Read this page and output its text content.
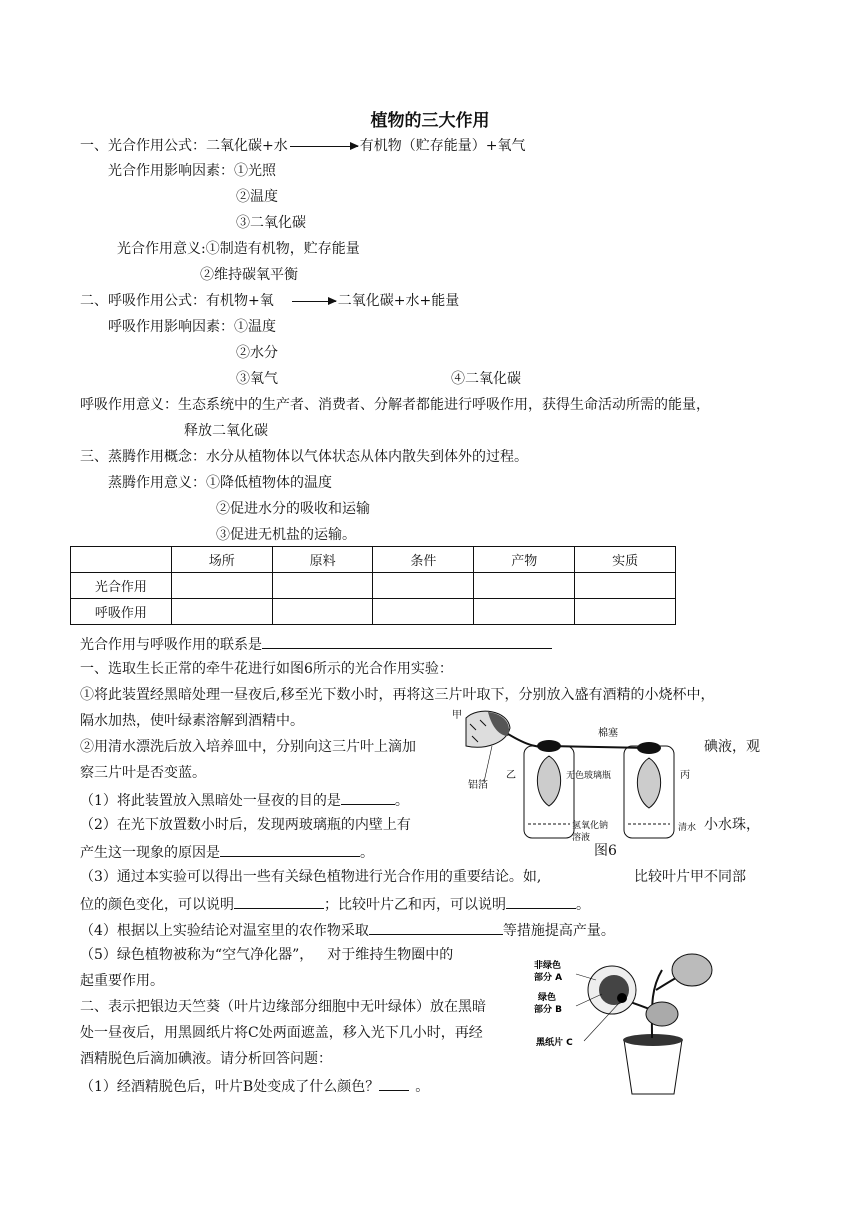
植物的三大作用
一、光合作用公式：二氧化碳+水	有机物（贮存能量）+氧气
光合作用影响因素：①光照
②温度
③二氧化碳
光合作用意义:①制造有机物，贮存能量
②维持碳氧平衡
二、呼吸作用公式：有机物+氧	二氧化碳+水+能量
呼吸作用影响因素：①温度
②水分
③氧气	④二氧化碳
呼吸作用意义：生态系统中的生产者、消费者、分解者都能进行呼吸作用，获得生命活动所需的能量，
释放二氧化碳
三、蒸腾作用概念：水分从植物体以气体状态从体内散失到体外的过程。
蒸腾作用意义：①降低植物体的温度
②促进水分的吸收和运输
③促进无机盐的运输。
	场所	原料	条件	产物	实质
光合作用					
呼吸作用					
光合作用与呼吸作用的联系是
一、选取生长正常的牵牛花进行如图6所示的光合作用实验：
①将此装置经黑暗处理一昼夜后,移至光下数小时，再将这三片叶取下，分别放入盛有酒精的小烧杯中，
隔水加热，使叶绿素溶解到酒精中。
②用清水漂洗后放入培养皿中，分别向这三片叶上滴加	碘液，观
察三片叶是否变蓝。
（1）将此装置放入黑暗处一昼夜的目的是	。
（2）在光下放置数小时后，发现两玻璃瓶的内壁上有	小水珠，
产生这一现象的原因是	。
（3）通过本实验可以得出一些有关绿色植物进行光合作用的重要结论。如,	比较叶片甲不同部
位的颜色变化，可以说明	；比较叶片乙和丙，可以说明	。
（4）根据以上实验结论对温室里的农作物采取	等措施提高产量。
（5）绿色植物被称为“空气净化器”， 对于维持生物圈中的
起重要作用。
二、表示把银边天竺葵（叶片边缘部分细胞中无叶绿体）放在黑暗
处一昼夜后，用黑圆纸片将C处两面遮盖，移入光下几小时，再经
酒精脱色后滴加碘液。请分析回答问题：
（1）经酒精脱色后，叶片B处变成了什么颜色？	。
甲
铝箔
乙
棉塞
无色玻璃瓶	丙
氢氧化钠
溶液
清水
图6
非绿色
部分 A
绿色
部分 B
黑纸片 C
